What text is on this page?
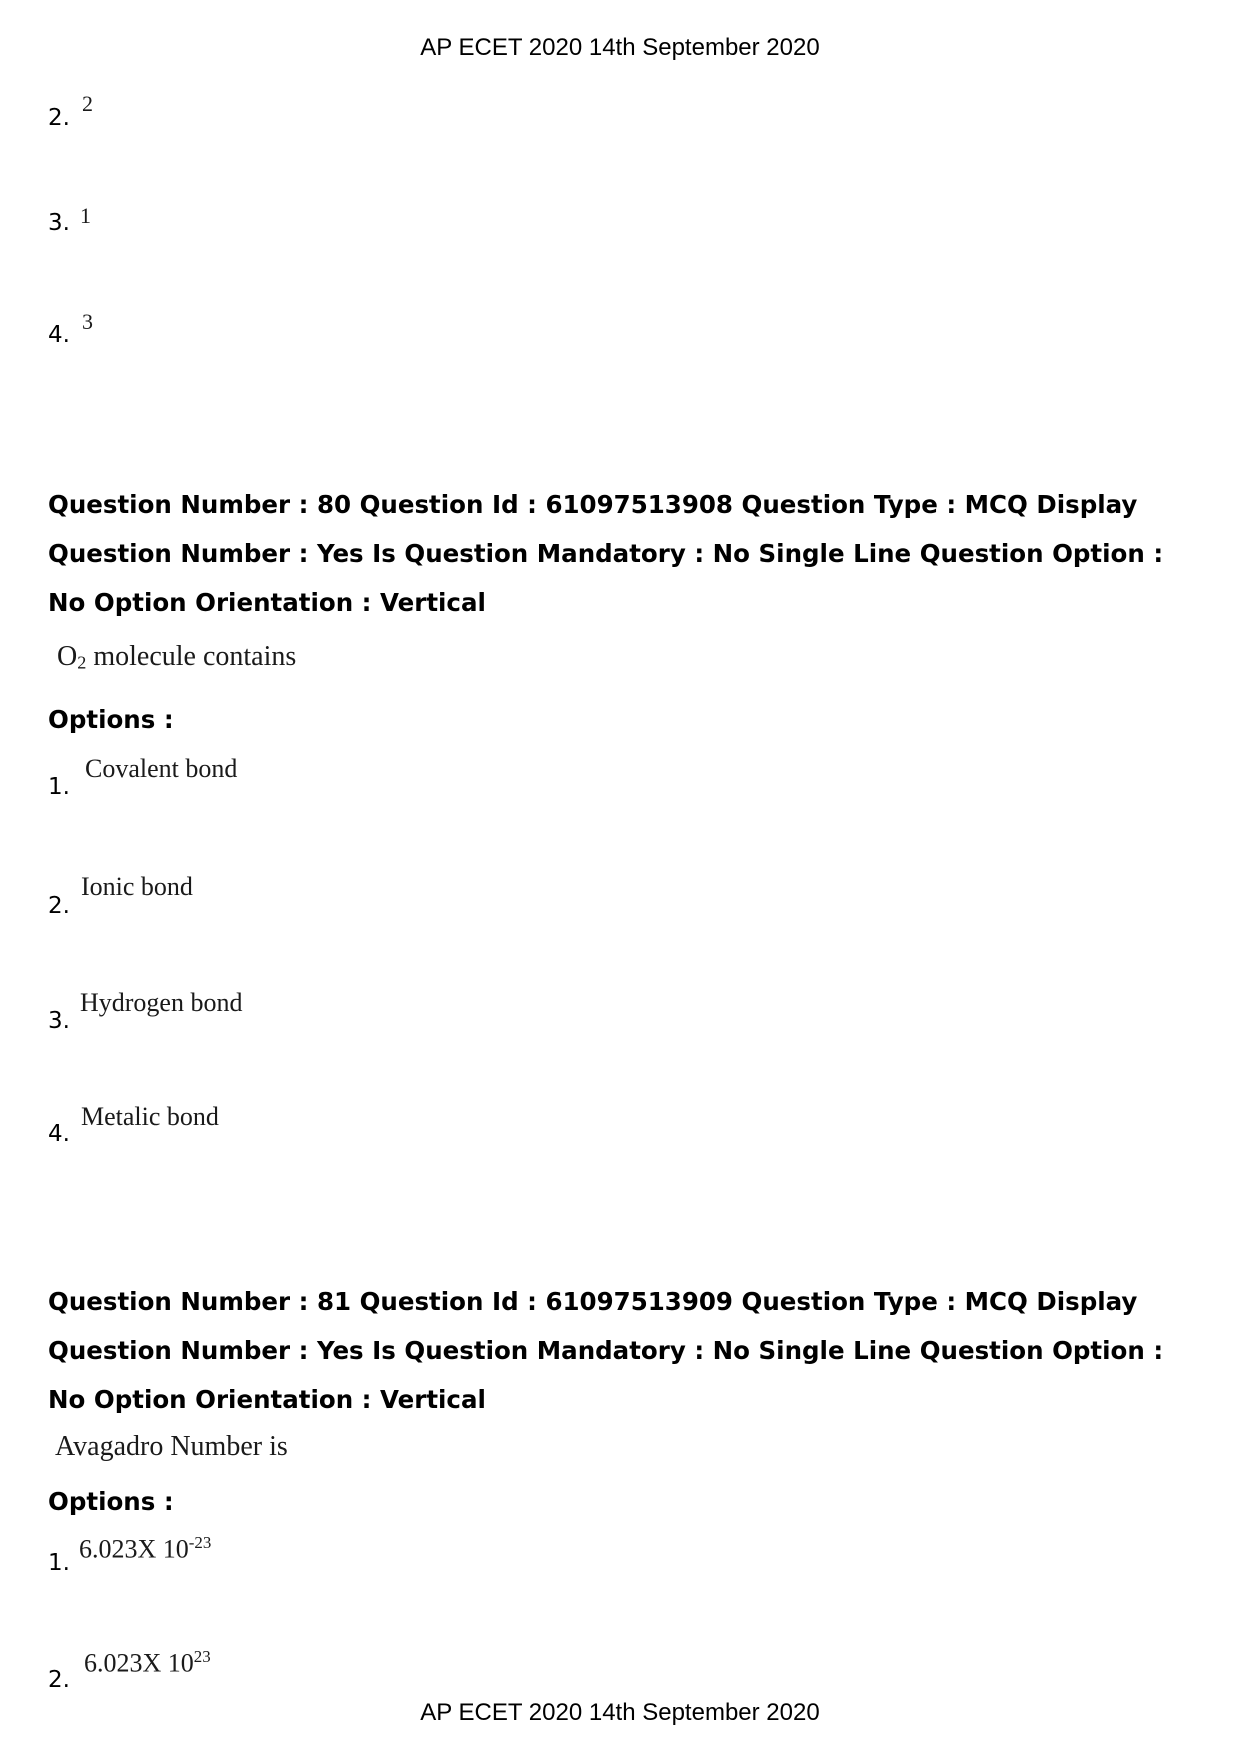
AP ECET 2020 14th September 2020
2.
2
3. 1
4.
3
Question Number : 80 Question Id : 61097513908 Question Type : MCQ Display Question Number : Yes Is Question Mandatory : No Single Line Question Option : No Option Orientation : Vertical
$O_2$ molecule contains
Options :
1.
Covalent bond
2.
Ionic bond
3.
Hydrogen bond
4.
Metalic bond
Question Number : 81 Question Id : 61097513909 Question Type : MCQ Display Question Number : Yes Is Question Mandatory : No Single Line Question Option : No Option Orientation : Vertical
Avagadro Number is
Options :
1. 6.023X $10^{-23}$
2.
6.023X $10^{23}$
AP ECET 2020 14th September 2020
